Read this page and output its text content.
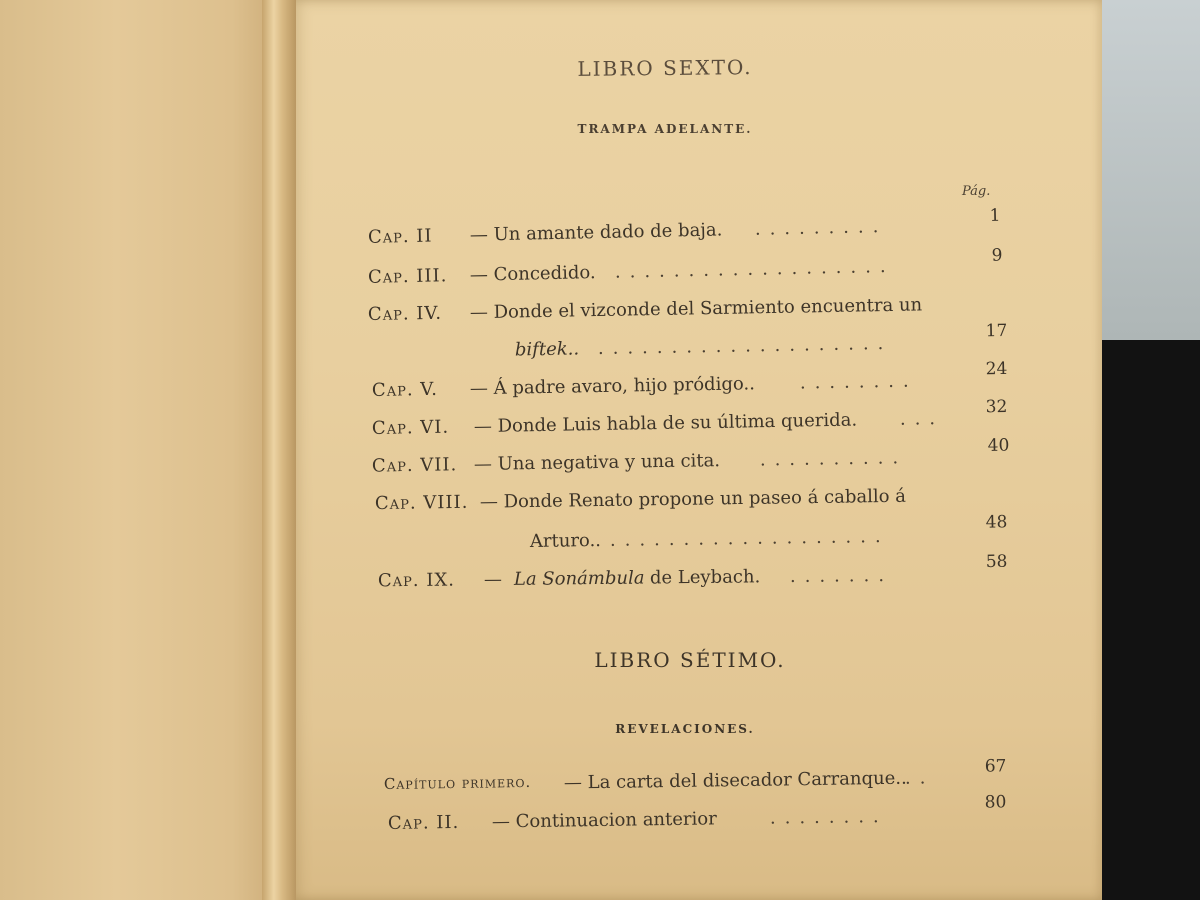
LIBRO SEXTO.
TRAMPA ADELANTE.
Pág.
Cap. II — Un amante dado de baja. .........
1
Cap. III. — Concedido. ...................
9
Cap. IV. — Donde el vizconde del Sarmiento encuentra un
biftek.. ....................
17
Cap. V. — Á padre avaro, hijo pródigo.. ........
24
Cap. VI. — Donde Luis habla de su última querida. ...
32
Cap. VII. — Una negativa y una cita. ..........
40
Cap. VIII. — Donde Renato propone un paseo á caballo á
Arturo.. ...................
48
Cap. IX. — La Sonámbula de Leybach. .......
58
LIBRO SÉTIMO.
REVELACIONES.
Capítulo primero. — La carta del disecador Carranque..
..
67
Cap. II. — Continuacion anterior	........
80
